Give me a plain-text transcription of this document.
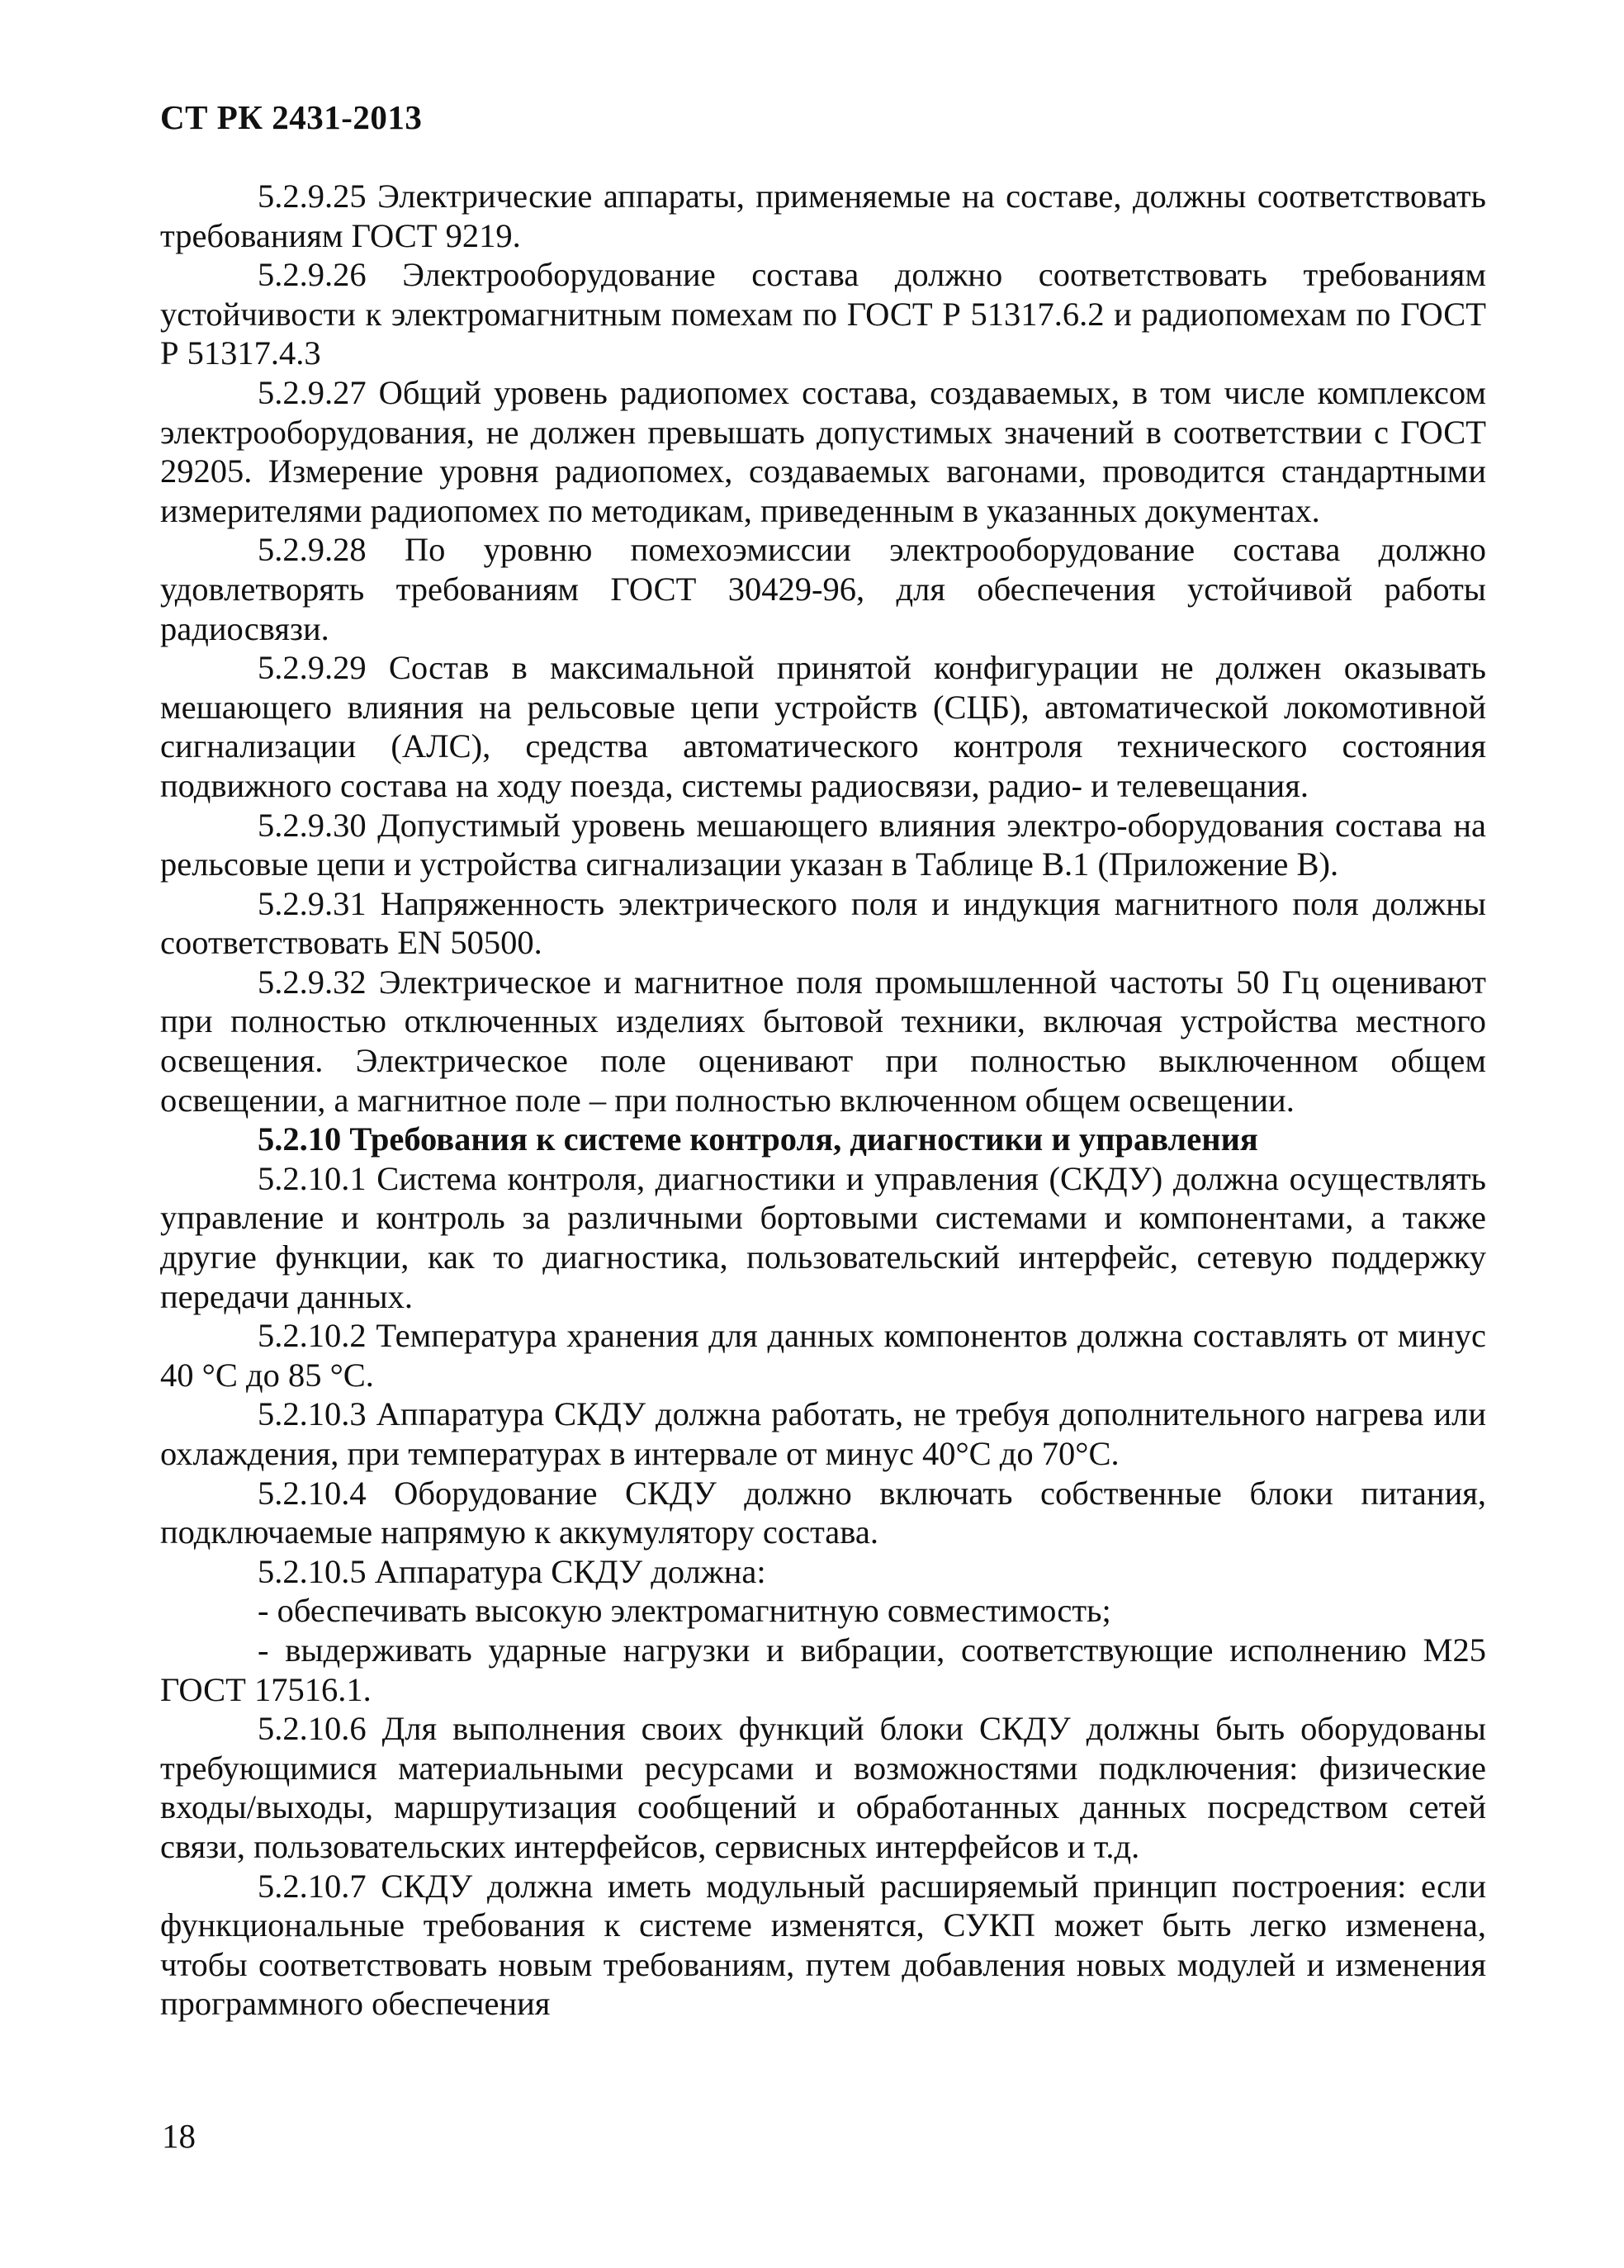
СТ РК 2431-2013

5.2.9.25 Электрические аппараты, применяемые на составе, должны соответствовать требованиям ГОСТ 9219.

5.2.9.26 Электрооборудование состава должно соответствовать требованиям устойчивости к электромагнитным помехам по ГОСТ Р 51317.6.2 и радиопомехам по ГОСТ Р 51317.4.3

5.2.9.27 Общий уровень радиопомех состава, создаваемых, в том числе комплексом электрооборудования, не должен превышать допустимых значений в соответствии с ГОСТ 29205. Измерение уровня радиопомех, создаваемых вагонами, проводится стандартными измерителями радиопомех по методикам, приведенным в указанных документах.

5.2.9.28 По уровню помехоэмиссии электрооборудование состава должно удовлетворять требованиям ГОСТ 30429-96, для обеспечения устойчивой работы радиосвязи.

5.2.9.29 Состав в максимальной принятой конфигурации не должен оказывать мешающего влияния на рельсовые цепи устройств (СЦБ), автоматической локомотивной сигнализации (АЛС), средства автоматического контроля технического состояния подвижного состава на ходу поезда, системы радиосвязи, радио- и телевещания.

5.2.9.30 Допустимый уровень мешающего влияния электро-оборудования состава на рельсовые цепи и устройства сигнализации указан в Таблице В.1 (Приложение В).

5.2.9.31 Напряженность электрического поля и индукция магнитного поля должны соответствовать EN 50500.

5.2.9.32 Электрическое и магнитное поля промышленной частоты 50 Гц оценивают при полностью отключенных изделиях бытовой техники, включая устройства местного освещения. Электрическое поле оценивают при полностью выключенном общем освещении, а магнитное поле – при полностью включенном общем освещении.

5.2.10 Требования к системе контроля, диагностики и управления

5.2.10.1 Система контроля, диагностики и управления (СКДУ) должна осуществлять управление и контроль за различными бортовыми системами и компонентами, а также другие функции, как то диагностика, пользовательский интерфейс, сетевую поддержку передачи данных.

5.2.10.2 Температура хранения для данных компонентов должна составлять от минус 40 °С до 85 °С.

5.2.10.3 Аппаратура СКДУ должна работать, не требуя дополнительного нагрева или охлаждения, при температурах в интервале от минус 40°С до 70°С.

5.2.10.4 Оборудование СКДУ должно включать собственные блоки питания, подключаемые напрямую к аккумулятору состава.

5.2.10.5 Аппаратура СКДУ должна:

- обеспечивать высокую электромагнитную совместимость;

- выдерживать ударные нагрузки и вибрации, соответствующие исполнению М25 ГОСТ 17516.1.

5.2.10.6 Для выполнения своих функций блоки СКДУ должны быть оборудованы требующимися материальными ресурсами и возможностями подключения: физические входы/выходы, маршрутизация сообщений и обработанных данных посредством сетей связи, пользовательских интерфейсов, сервисных интерфейсов и т.д.

5.2.10.7 СКДУ должна иметь модульный расширяемый принцип построения: если функциональные требования к системе изменятся, СУКП может быть легко изменена, чтобы соответствовать новым требованиям, путем добавления новых модулей и изменения программного обеспечения

18
